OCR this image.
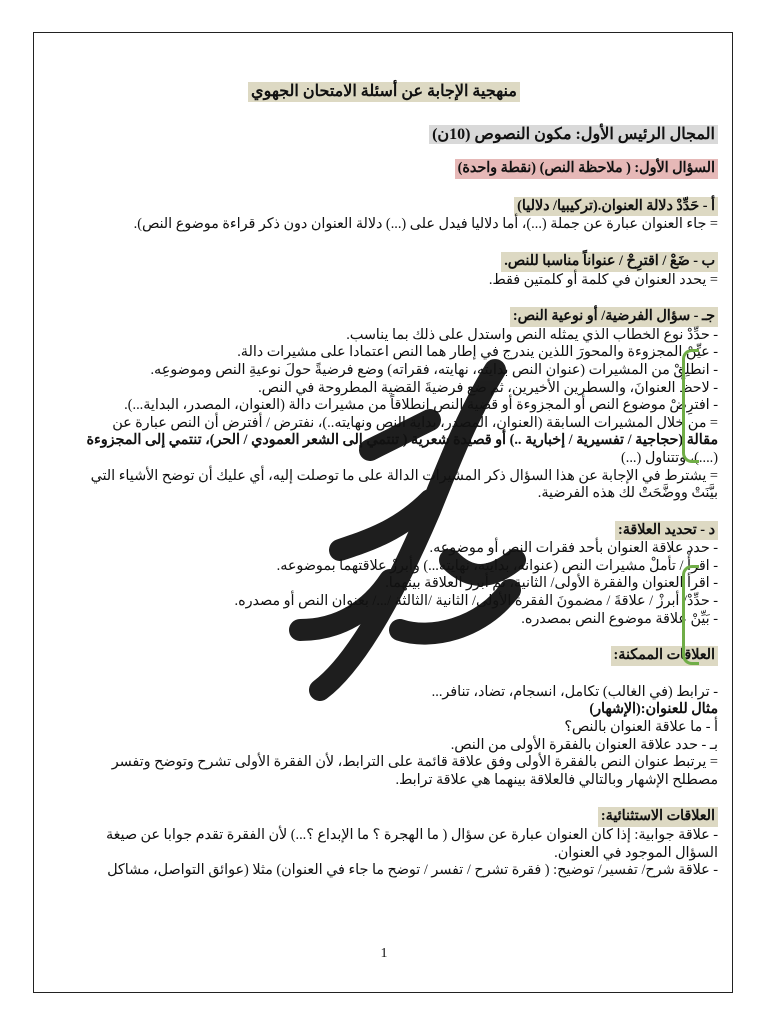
منهجية الإجابة عن أسئلة الامتحان الجهوي

المجال الرئيس الأول: مكون النصوص (10ن)

السؤال الأول: ( ملاحظة النص) (نقطة واحدة)

أ - حَدِّدْ دلالة العنوان.(تركيبيا/ دلاليا)

= جاء العنوان عبارة عن جملة (...)، أما دلاليا فيدل على (...) دلالة العنوان دون ذكر قراءة موضوع النص).

ب - ضَعْ / اقترِحْ / عنواناً مناسبا للنص.

= يحدد العنوان في كلمة أو كلمتين فقط.

جـ - سؤال الفرضية/ أو نوعية النص:

- حدِّدْ نوع الخطاب الذي يمثله النص واستدل على ذلك بما يناسب.

- عيِّنْ المجزوءة والمحورَ اللذين يندرج في إطار هما النص اعتمادا على مشيرات دالة.

- انطلِقْ من المشيرات (عنوان النص بدايته، نهايته، فقراته) وضع فرضيةً حولَ نوعيةِ النص وموضوعِه.

- لاحظْ العنوانَ، والسطرين الأخيرين، ثم ضع فرضيةَ القضية المطروحة في النص.

- افترِضْ موضوع النص أو المجزوءة أو قضية النص انطلاقاً من مشيرات دالة (العنوان، المصدر، البداية...).

= من خلال المشيرات السابقة (العنوان، المصدر، بداية النص ونهايته..)، نفترض / أفترض أن النص عبارة عن

مقالة (حجاجية / تفسيرية / إخبارية ..) أو قصيدة شعرية ( تنتمي إلى الشعر العمودي / الحر)، تنتمي إلى المجزوءة

(....)، وتتناول (...)

= يشترط في الإجابة عن هذا السؤال ذكر المشيرات الدالة على ما توصلت إليه، أي عليك أن توضح الأشياء التي

بيَّنَتْ ووضَّحَتْ لك هذه الفرضية.

د - تحديد العلاقة:

- حدد علاقة العنوان بأحد فقرات النص أو موضوعه.

- اقرأْ / تأملْ مشيرات النص (عنوانه، بدايته، نهايته...) وأبرزْ علاقتهما بموضوعه.

- اقرأ العنوان والفقرة الأولى/ الثانية، ثم أبرز العلاقة بينهما.

- حدِّدْ/ أبرزْ / علاقةَ / مضمونَ الفقرة الأولى/ الثانية /الثالثة /.../ بعنوان النص أو مصدره.

- بَيِّنْ علاقة موضوع النص بمصدره.

العلاقات الممكنة:

- ترابط (في الغالب) تكامل، انسجام، تضاد، تنافر...

مثال للعنوان:(الإشهار)

أ - ما علاقة العنوان بالنص؟

بـ - حدد علاقة العنوان بالفقرة الأولى من النص.

= يرتبط عنوان النص بالفقرة الأولى وفق علاقة قائمة على الترابط، لأن الفقرة الأولى تشرح وتوضح وتفسر

مصطلح الإشهار وبالتالي فالعلاقة بينهما هي علاقة ترابط.

العلاقات الاستثنائية:

- علاقة جوابية: إذا كان العنوان عبارة عن سؤال ( ما الهجرة ؟ ما الإبداع ؟...) لأن الفقرة تقدم جوابا عن صيغة

السؤال الموجود في العنوان.

- علاقة شرح/ تفسير/ توضيح: ( فقرة تشرح / تفسر / توضح ما جاء في العنوان) مثلا (عوائق التواصل، مشاكل

1
